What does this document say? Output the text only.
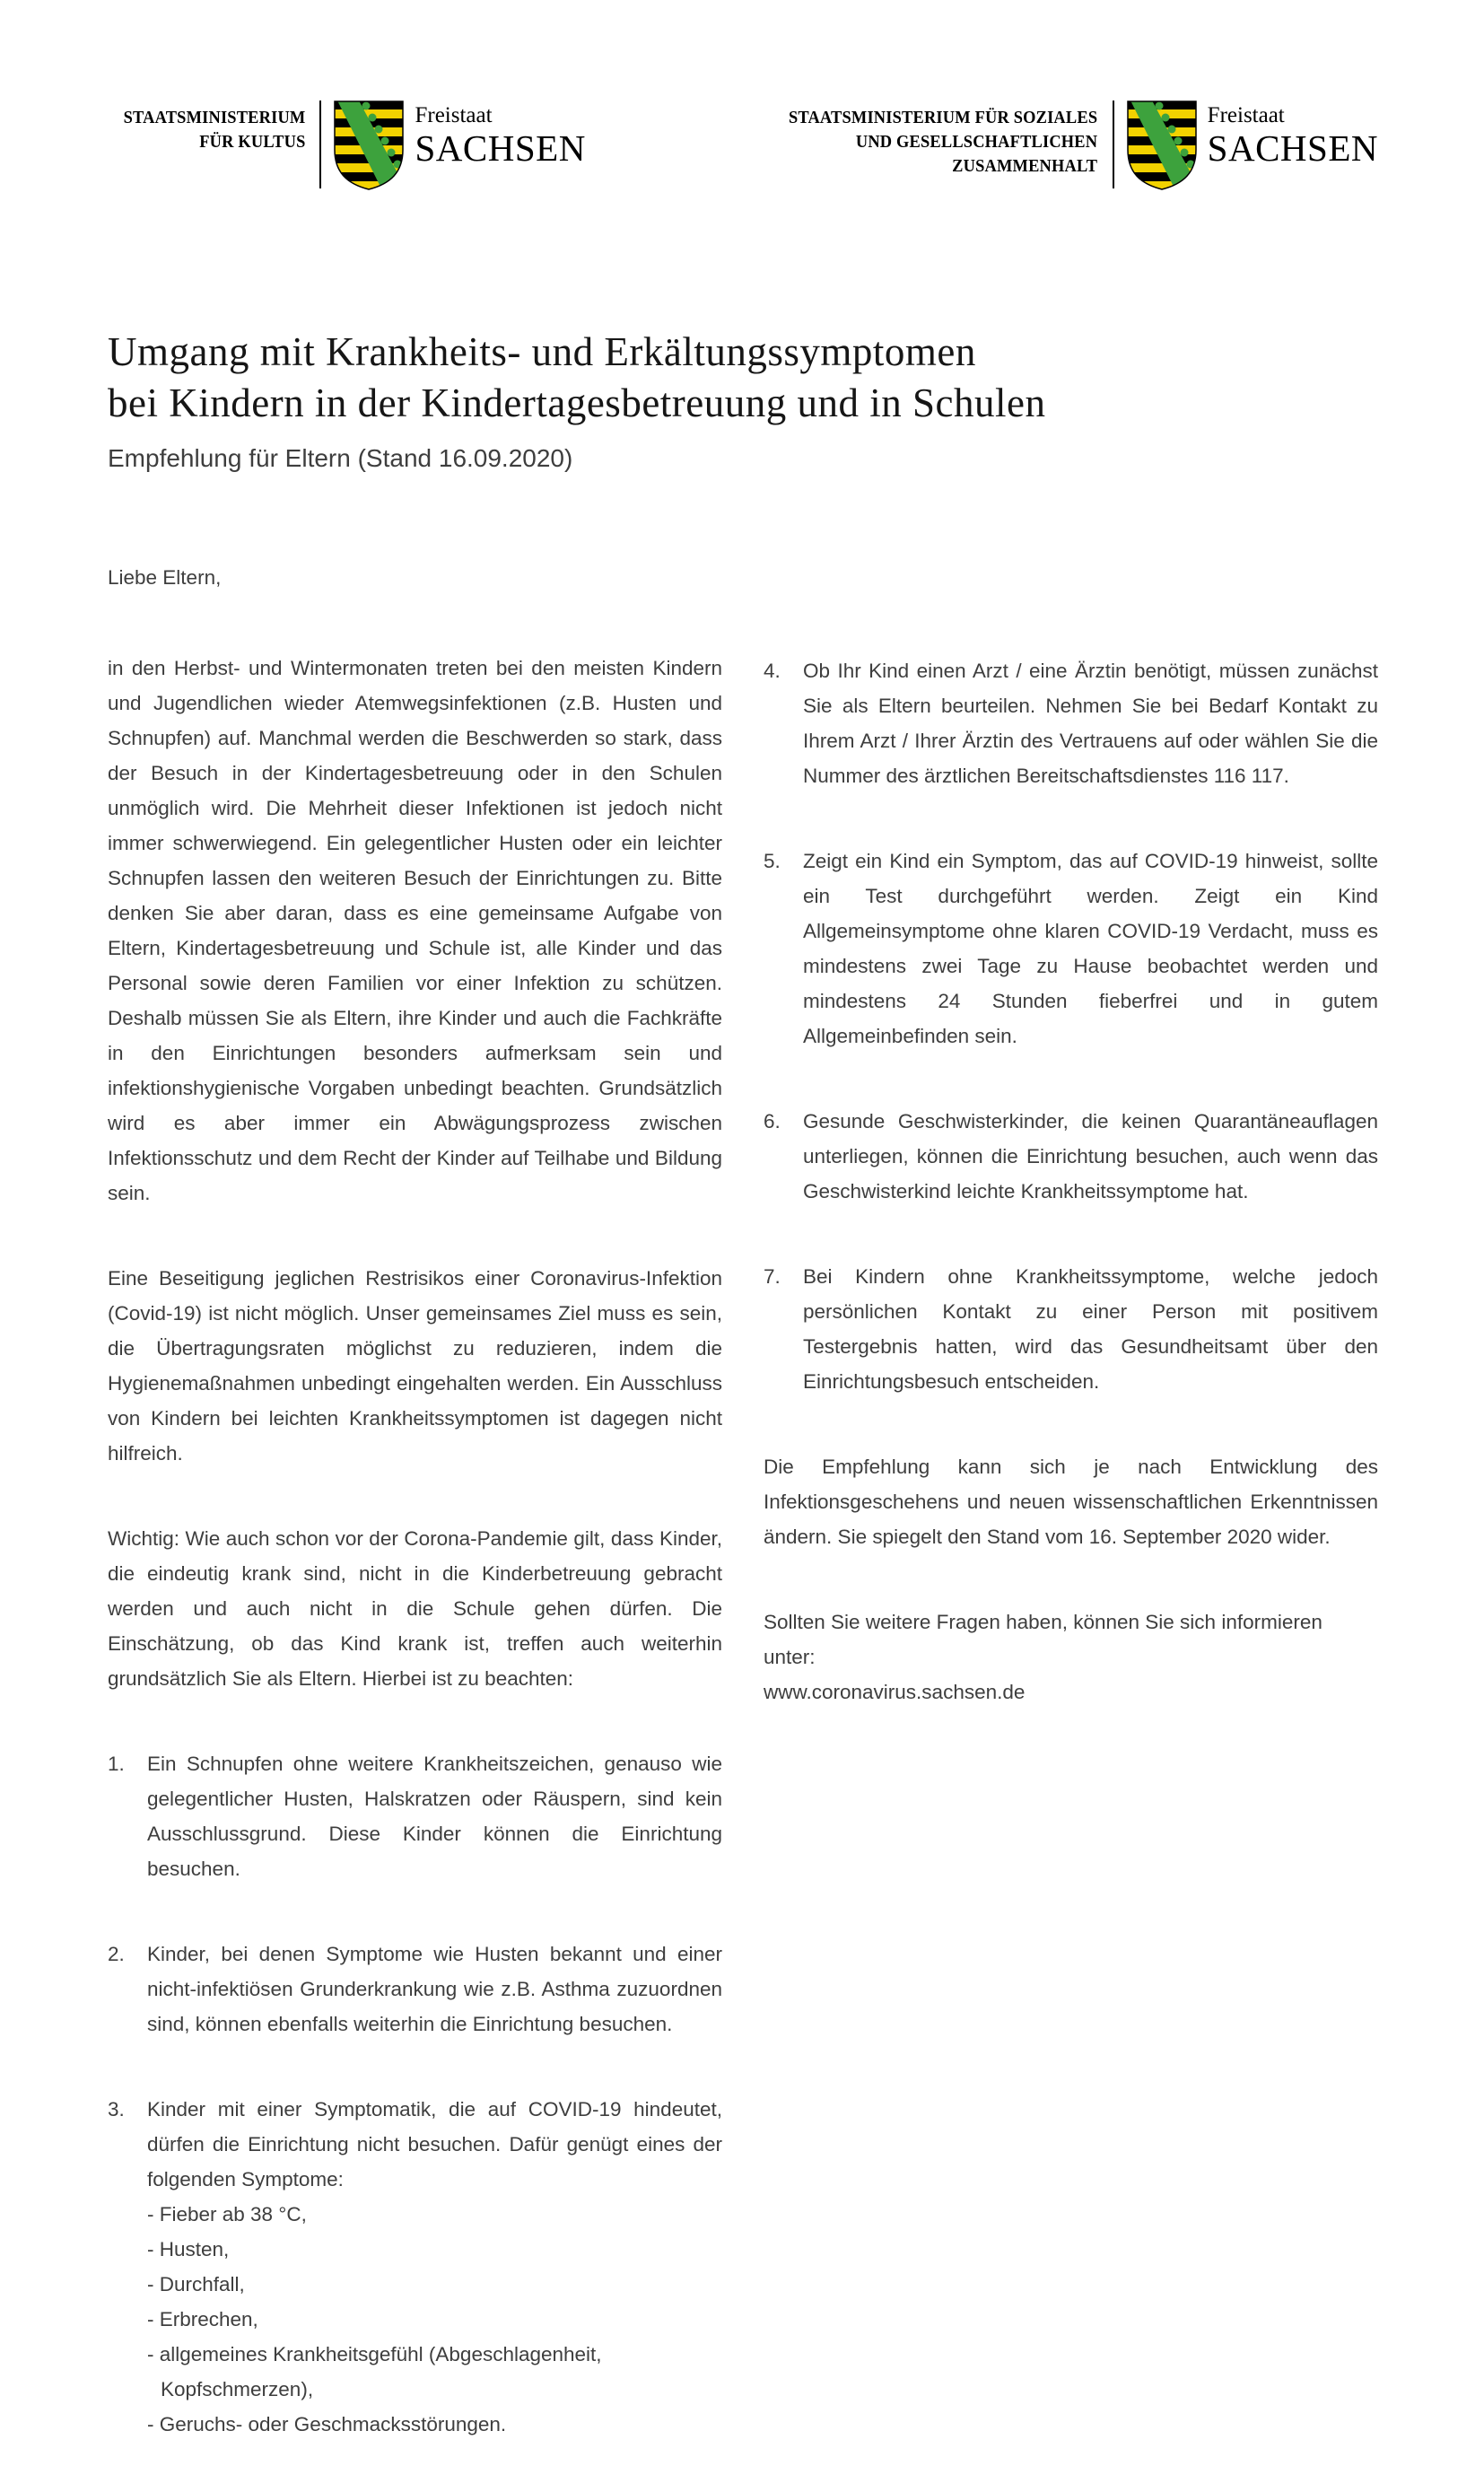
STAATSMINISTERIUM
FÜR KULTUS
Freistaat
SACHSEN
STAATSMINISTERIUM FÜR SOZIALES
UND GESELLSCHAFTLICHEN
ZUSAMMENHALT
Freistaat
SACHSEN
Umgang mit Krankheits- und Erkältungssymptomen
bei Kindern in der Kindertagesbetreuung und in Schulen
Empfehlung für Eltern (Stand 16.09.2020)

Liebe Eltern,

in den Herbst- und Wintermonaten treten bei den meisten Kindern und Jugendlichen wieder Atemwegsinfektionen (z.B. Husten und Schnupfen) auf. Manchmal werden die Beschwerden so stark, dass der Besuch in der Kindertagesbetreuung oder in den Schulen unmöglich wird. Die Mehrheit dieser Infektionen ist jedoch nicht immer schwerwiegend. Ein gelegentlicher Husten oder ein leichter Schnupfen lassen den weiteren Besuch der Einrichtungen zu. Bitte denken Sie aber daran, dass es eine gemeinsame Aufgabe von Eltern, Kindertagesbetreuung und Schule ist, alle Kinder und das Personal sowie deren Familien vor einer Infektion zu schützen. Deshalb müssen Sie als Eltern, ihre Kinder und auch die Fachkräfte in den Einrichtungen besonders aufmerksam sein und infektionshygienische Vorgaben unbedingt beachten. Grundsätzlich wird es aber immer ein Abwägungsprozess zwischen Infektionsschutz und dem Recht der Kinder auf Teilhabe und Bildung sein.

Eine Beseitigung jeglichen Restrisikos einer Coronavirus-Infektion (Covid-19) ist nicht möglich. Unser gemeinsames Ziel muss es sein, die Übertragungsraten möglichst zu reduzieren, indem die Hygienemaßnahmen unbedingt eingehalten werden. Ein Ausschluss von Kindern bei leichten Krankheitssymptomen ist dagegen nicht hilfreich.

Wichtig: Wie auch schon vor der Corona-Pandemie gilt, dass Kinder, die eindeutig krank sind, nicht in die Kinderbetreuung gebracht werden und auch nicht in die Schule gehen dürfen. Die Einschätzung, ob das Kind krank ist, treffen auch weiterhin grundsätzlich Sie als Eltern. Hierbei ist zu beachten:

1.	Ein Schnupfen ohne weitere Krankheitszeichen, genauso wie gelegentlicher Husten, Halskratzen oder Räuspern, sind kein Ausschlussgrund. Diese Kinder können die Einrichtung besuchen.
2.	Kinder, bei denen Symptome wie Husten bekannt und einer nicht-infektiösen Grunderkrankung wie z.B. Asthma zuzuordnen sind, können ebenfalls weiterhin die Einrichtung besuchen.
3.	Kinder mit einer Symptomatik, die auf COVID-19 hindeutet, dürfen die Einrichtung nicht besuchen. Dafür genügt eines der folgenden Symptome:
- Fieber ab 38 °C,
- Husten,
- Durchfall,
- Erbrechen,
- allgemeines Krankheitsgefühl (Abgeschlagenheit, Kopfschmerzen),
- Geruchs- oder Geschmacksstörungen.
4.	Ob Ihr Kind einen Arzt / eine Ärztin benötigt, müssen zunächst Sie als Eltern beurteilen. Nehmen Sie bei Bedarf Kontakt zu Ihrem Arzt / Ihrer Ärztin des Vertrauens auf oder wählen Sie die Nummer des ärztlichen Bereitschaftsdienstes 116 117.
5.	Zeigt ein Kind ein Symptom, das auf COVID-19 hinweist, sollte ein Test durchgeführt werden. Zeigt ein Kind Allgemeinsymptome ohne klaren COVID-19 Verdacht, muss es mindestens zwei Tage zu Hause beobachtet werden und mindestens 24 Stunden fieberfrei und in gutem Allgemeinbefinden sein.
6.	Gesunde Geschwisterkinder, die keinen Quarantäneauflagen unterliegen, können die Einrichtung besuchen, auch wenn das Geschwisterkind leichte Krankheitssymptome hat.
7.	Bei Kindern ohne Krankheitssymptome, welche jedoch persönlichen Kontakt zu einer Person mit positivem Testergebnis hatten, wird das Gesundheitsamt über den Einrichtungsbesuch entscheiden.

Die Empfehlung kann sich je nach Entwicklung des Infektionsgeschehens und neuen wissenschaftlichen Erkenntnissen ändern. Sie spiegelt den Stand vom 16. September 2020 wider.

Sollten Sie weitere Fragen haben, können Sie sich informieren unter:

www.coronavirus.sachsen.de
